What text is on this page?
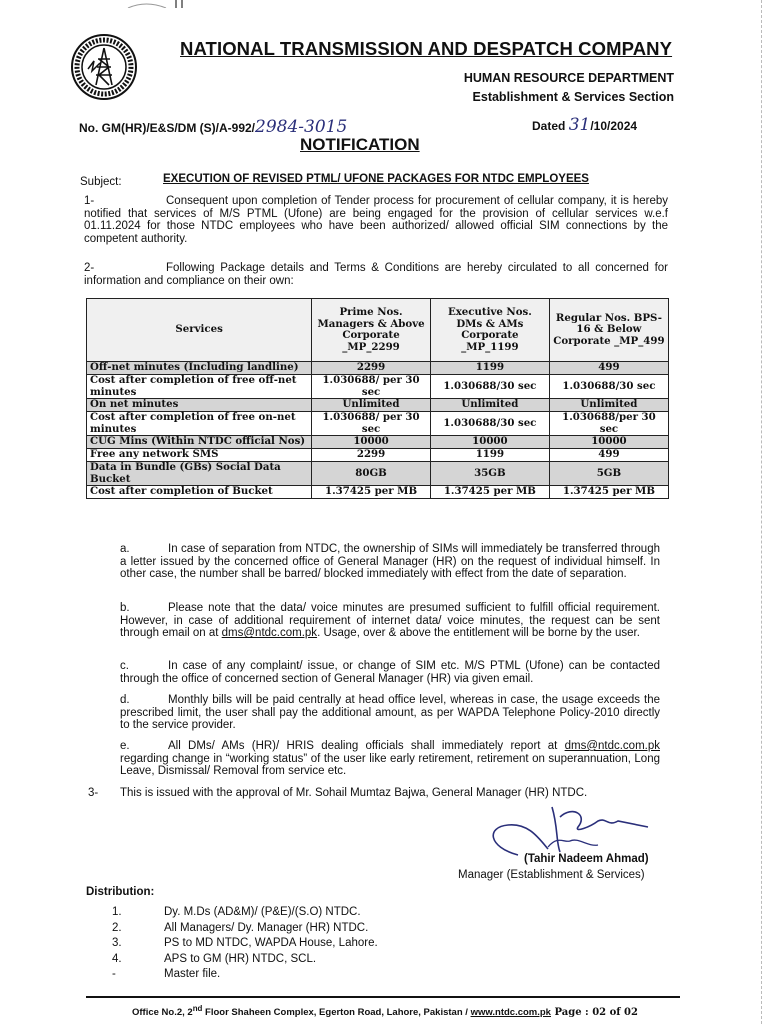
NATIONAL TRANSMISSION AND DESPATCH COMPANY
HUMAN RESOURCE DEPARTMENT
Establishment & Services Section
No. GM(HR)/E&S/DM (S)/A-992/2984-3015	Dated 31/10/2024
NOTIFICATION
Subject:	EXECUTION OF REVISED PTML/ UFONE PACKAGES FOR NTDC EMPLOYEES
1-	Consequent upon completion of Tender process for procurement of cellular company, it is hereby notified that services of M/S PTML (Ufone) are being engaged for the provision of cellular services w.e.f 01.11.2024 for those NTDC employees who have been authorized/ allowed official SIM connections by the competent authority.
2-	Following Package details and Terms & Conditions are hereby circulated to all concerned for information and compliance on their own:
Services	Prime Nos. Managers & Above Corporate _MP_2299	Executive Nos. DMs & AMs Corporate _MP_1199	Regular Nos. BPS-16 & Below Corporate _MP_499
Off-net minutes (Including landline)	2299	1199	499
Cost after completion of free off-net minutes	1.030688/ per 30 sec	1.030688/30 sec	1.030688/30 sec
On net minutes	Unlimited	Unlimited	Unlimited
Cost after completion of free on-net minutes	1.030688/ per 30 sec	1.030688/30 sec	1.030688/per 30 sec
CUG Mins (Within NTDC official Nos)	10000	10000	10000
Free any network SMS	2299	1199	499
Data in Bundle (GBs) Social Data Bucket	80GB	35GB	5GB
Cost after completion of Bucket	1.37425 per MB	1.37425 per MB	1.37425 per MB
a.	In case of separation from NTDC, the ownership of SIMs will immediately be transferred through a letter issued by the concerned office of General Manager (HR) on the request of individual himself. In other case, the number shall be barred/ blocked immediately with effect from the date of separation.
b.	Please note that the data/ voice minutes are presumed sufficient to fulfill official requirement. However, in case of additional requirement of internet data/ voice minutes, the request can be sent through email on at dms@ntdc.com.pk. Usage, over & above the entitlement will be borne by the user.
c.	In case of any complaint/ issue, or change of SIM etc. M/S PTML (Ufone) can be contacted through the office of concerned section of General Manager (HR) via given email.
d.	Monthly bills will be paid centrally at head office level, whereas in case, the usage exceeds the prescribed limit, the user shall pay the additional amount, as per WAPDA Telephone Policy-2010 directly to the service provider.
e.	All DMs/ AMs (HR)/ HRIS dealing officials shall immediately report at dms@ntdc.com.pk regarding change in “working status” of the user like early retirement, retirement on superannuation, Long Leave, Dismissal/ Removal from service etc.
3- This is issued with the approval of Mr. Sohail Mumtaz Bajwa, General Manager (HR) NTDC.
(Tahir Nadeem Ahmad)
Manager (Establishment & Services)
Distribution:
1.	Dy. M.Ds (AD&M)/ (P&E)/(S.O) NTDC.
2.	All Managers/ Dy. Manager (HR) NTDC.
3.	PS to MD NTDC, WAPDA House, Lahore.
4.	APS to GM (HR) NTDC, SCL.
-	Master file.
Office No.2, 2nd Floor Shaheen Complex, Egerton Road, Lahore, Pakistan / www.ntdc.com.pk Page : 02 of 02
